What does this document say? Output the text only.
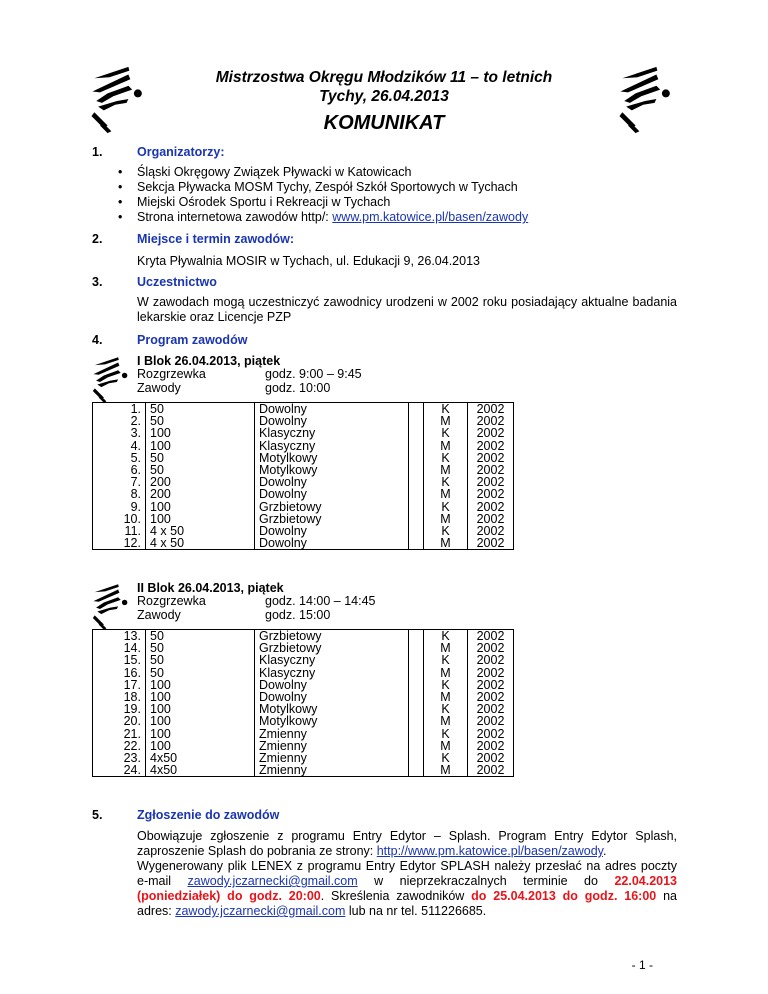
Mistrzostwa Okręgu Młodzików 11 – to letnich
Tychy, 26.04.2013
KOMUNIKAT
1.	Organizatorzy:
• Śląski Okręgowy Związek Pływacki w Katowicach
• Sekcja Pływacka MOSM Tychy, Zespół Szkół Sportowych w Tychach
• Miejski Ośrodek Sportu i Rekreacji w Tychach
• Strona internetowa zawodów http/: www.pm.katowice.pl/basen/zawody
2.	Miejsce i termin zawodów:
Kryta Pływalnia MOSIR w Tychach, ul. Edukacji 9, 26.04.2013
3.	Uczestnictwo
W zawodach mogą uczestniczyć zawodnicy urodzeni w 2002 roku posiadający aktualne badania lekarskie oraz Licencje PZP
4.	Program zawodów
I Blok 26.04.2013, piątek
Rozgrzewka	godz. 9:00 – 9:45
Zawody	godz. 10:00
1.	50	Dowolny		K	2002
2.	50	Dowolny		M	2002
3.	100	Klasyczny		K	2002
4.	100	Klasyczny		M	2002
5.	50	Motylkowy		K	2002
6.	50	Motylkowy		M	2002
7.	200	Dowolny		K	2002
8.	200	Dowolny		M	2002
9.	100	Grzbietowy		K	2002
10.	100	Grzbietowy		M	2002
11.	4 x 50	Dowolny		K	2002
12.	4 x 50	Dowolny		M	2002
II Blok 26.04.2013, piątek
Rozgrzewka	godz. 14:00 – 14:45
Zawody	godz. 15:00
13.	50	Grzbietowy		K	2002
14.	50	Grzbietowy		M	2002
15.	50	Klasyczny		K	2002
16.	50	Klasyczny		M	2002
17.	100	Dowolny		K	2002
18.	100	Dowolny		M	2002
19.	100	Motylkowy		K	2002
20.	100	Motylkowy		M	2002
21.	100	Zmienny		K	2002
22.	100	Zmienny		M	2002
23.	4x50	Zmienny		K	2002
24.	4x50	Zmienny		M	2002
5.	Zgłoszenie do zawodów
Obowiązuje zgłoszenie z programu Entry Edytor – Splash. Program Entry Edytor Splash, zaproszenie Splash do pobrania ze strony: http://www.pm.katowice.pl/basen/zawody.
Wygenerowany plik LENEX z programu Entry Edytor SPLASH należy przesłać na adres poczty e-mail zawody.jczarnecki@gmail.com w nieprzekraczalnych terminie do 22.04.2013 (poniedziałek) do godz. 20:00. Skreślenia zawodników do 25.04.2013 do godz. 16:00 na adres: zawody.jczarnecki@gmail.com lub na nr tel. 511226685.
- 1 -
